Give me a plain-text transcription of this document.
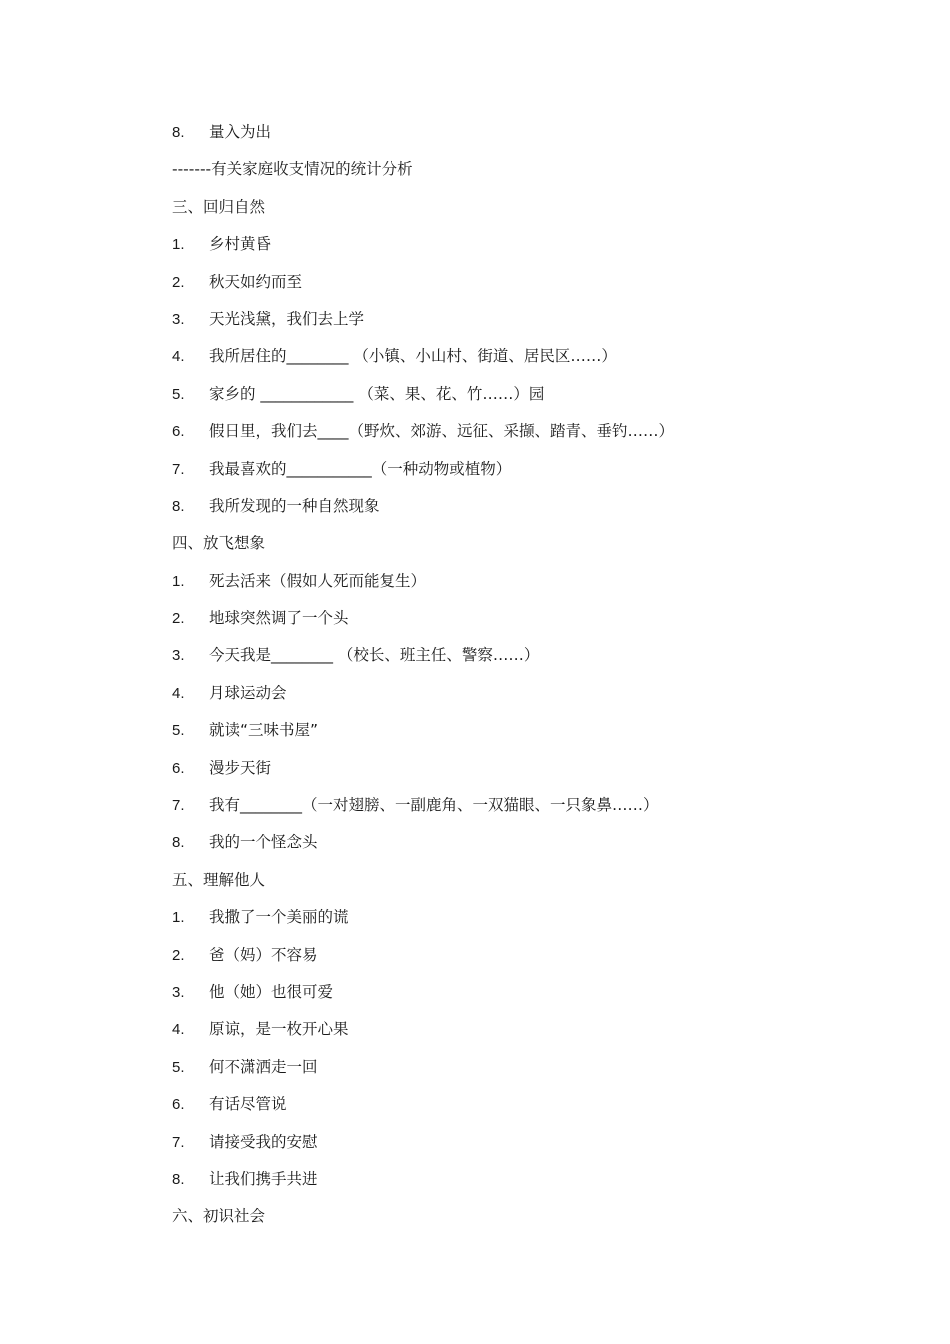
8. 量入为出
-------有关家庭收支情况的统计分析
三、回归自然
1. 乡村黄昏
2. 秋天如约而至
3. 天光浅黛，我们去上学
4. 我所居住的________ （小镇、小山村、街道、居民区……）
5. 家乡的 ____________ （菜、果、花、竹……）园
6. 假日里，我们去____（野炊、郊游、远征、采撷、踏青、垂钓……）
7. 我最喜欢的___________（一种动物或植物）
8. 我所发现的一种自然现象
四、放飞想象
1. 死去活来（假如人死而能复生）
2. 地球突然调了一个头
3. 今天我是________ （校长、班主任、警察……）
4. 月球运动会
5. 就读“三味书屋”
6. 漫步天街
7. 我有________（一对翅膀、一副鹿角、一双猫眼、一只象鼻……）
8. 我的一个怪念头
五、理解他人
1. 我撒了一个美丽的谎
2. 爸（妈）不容易
3. 他（她）也很可爱
4. 原谅，是一枚开心果
5. 何不潇洒走一回
6. 有话尽管说
7. 请接受我的安慰
8. 让我们携手共进
六、初识社会
